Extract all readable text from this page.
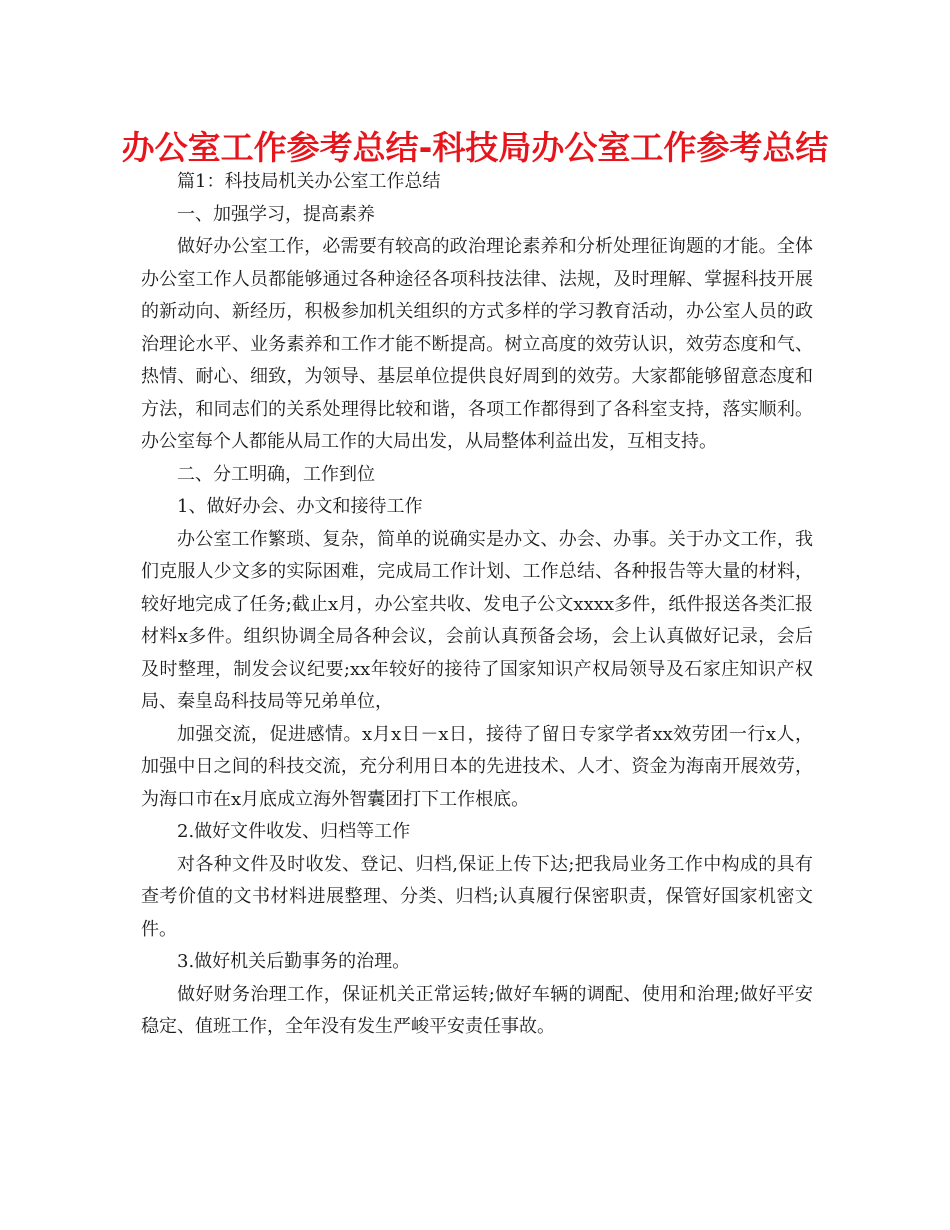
办公室工作参考总结-科技局办公室工作参考总结

篇1：科技局机关办公室工作总结

一、加强学习，提高素养

做好办公室工作，必需要有较高的政治理论素养和分析处理征询题的才能。全体办公室工作人员都能够通过各种途径各项科技法律、法规，及时理解、掌握科技开展的新动向、新经历，积极参加机关组织的方式多样的学习教育活动，办公室人员的政治理论水平、业务素养和工作才能不断提高。树立高度的效劳认识，效劳态度和气、热情、耐心、细致，为领导、基层单位提供良好周到的效劳。大家都能够留意态度和方法，和同志们的关系处理得比较和谐，各项工作都得到了各科室支持，落实顺利。办公室每个人都能从局工作的大局出发，从局整体利益出发，互相支持。

二、分工明确，工作到位

1、做好办会、办文和接待工作

办公室工作繁琐、复杂，简单的说确实是办文、办会、办事。关于办文工作，我们克服人少文多的实际困难，完成局工作计划、工作总结、各种报告等大量的材料，较好地完成了任务;截止x月，办公室共收、发电子公文xxxx多件，纸件报送各类汇报材料x多件。组织协调全局各种会议，会前认真预备会场，会上认真做好记录，会后及时整理，制发会议纪要;xx年较好的接待了国家知识产权局领导及石家庄知识产权局、秦皇岛科技局等兄弟单位，

加强交流，促进感情。x月x日－x日，接待了留日专家学者xx效劳团一行x人，加强中日之间的科技交流，充分利用日本的先进技术、人才、资金为海南开展效劳，为海口市在x月底成立海外智囊团打下工作根底。

2.做好文件收发、归档等工作

对各种文件及时收发、登记、归档,保证上传下达;把我局业务工作中构成的具有查考价值的文书材料进展整理、分类、归档;认真履行保密职责，保管好国家机密文件。

3.做好机关后勤事务的治理。

做好财务治理工作，保证机关正常运转;做好车辆的调配、使用和治理;做好平安稳定、值班工作，全年没有发生严峻平安责任事故。
